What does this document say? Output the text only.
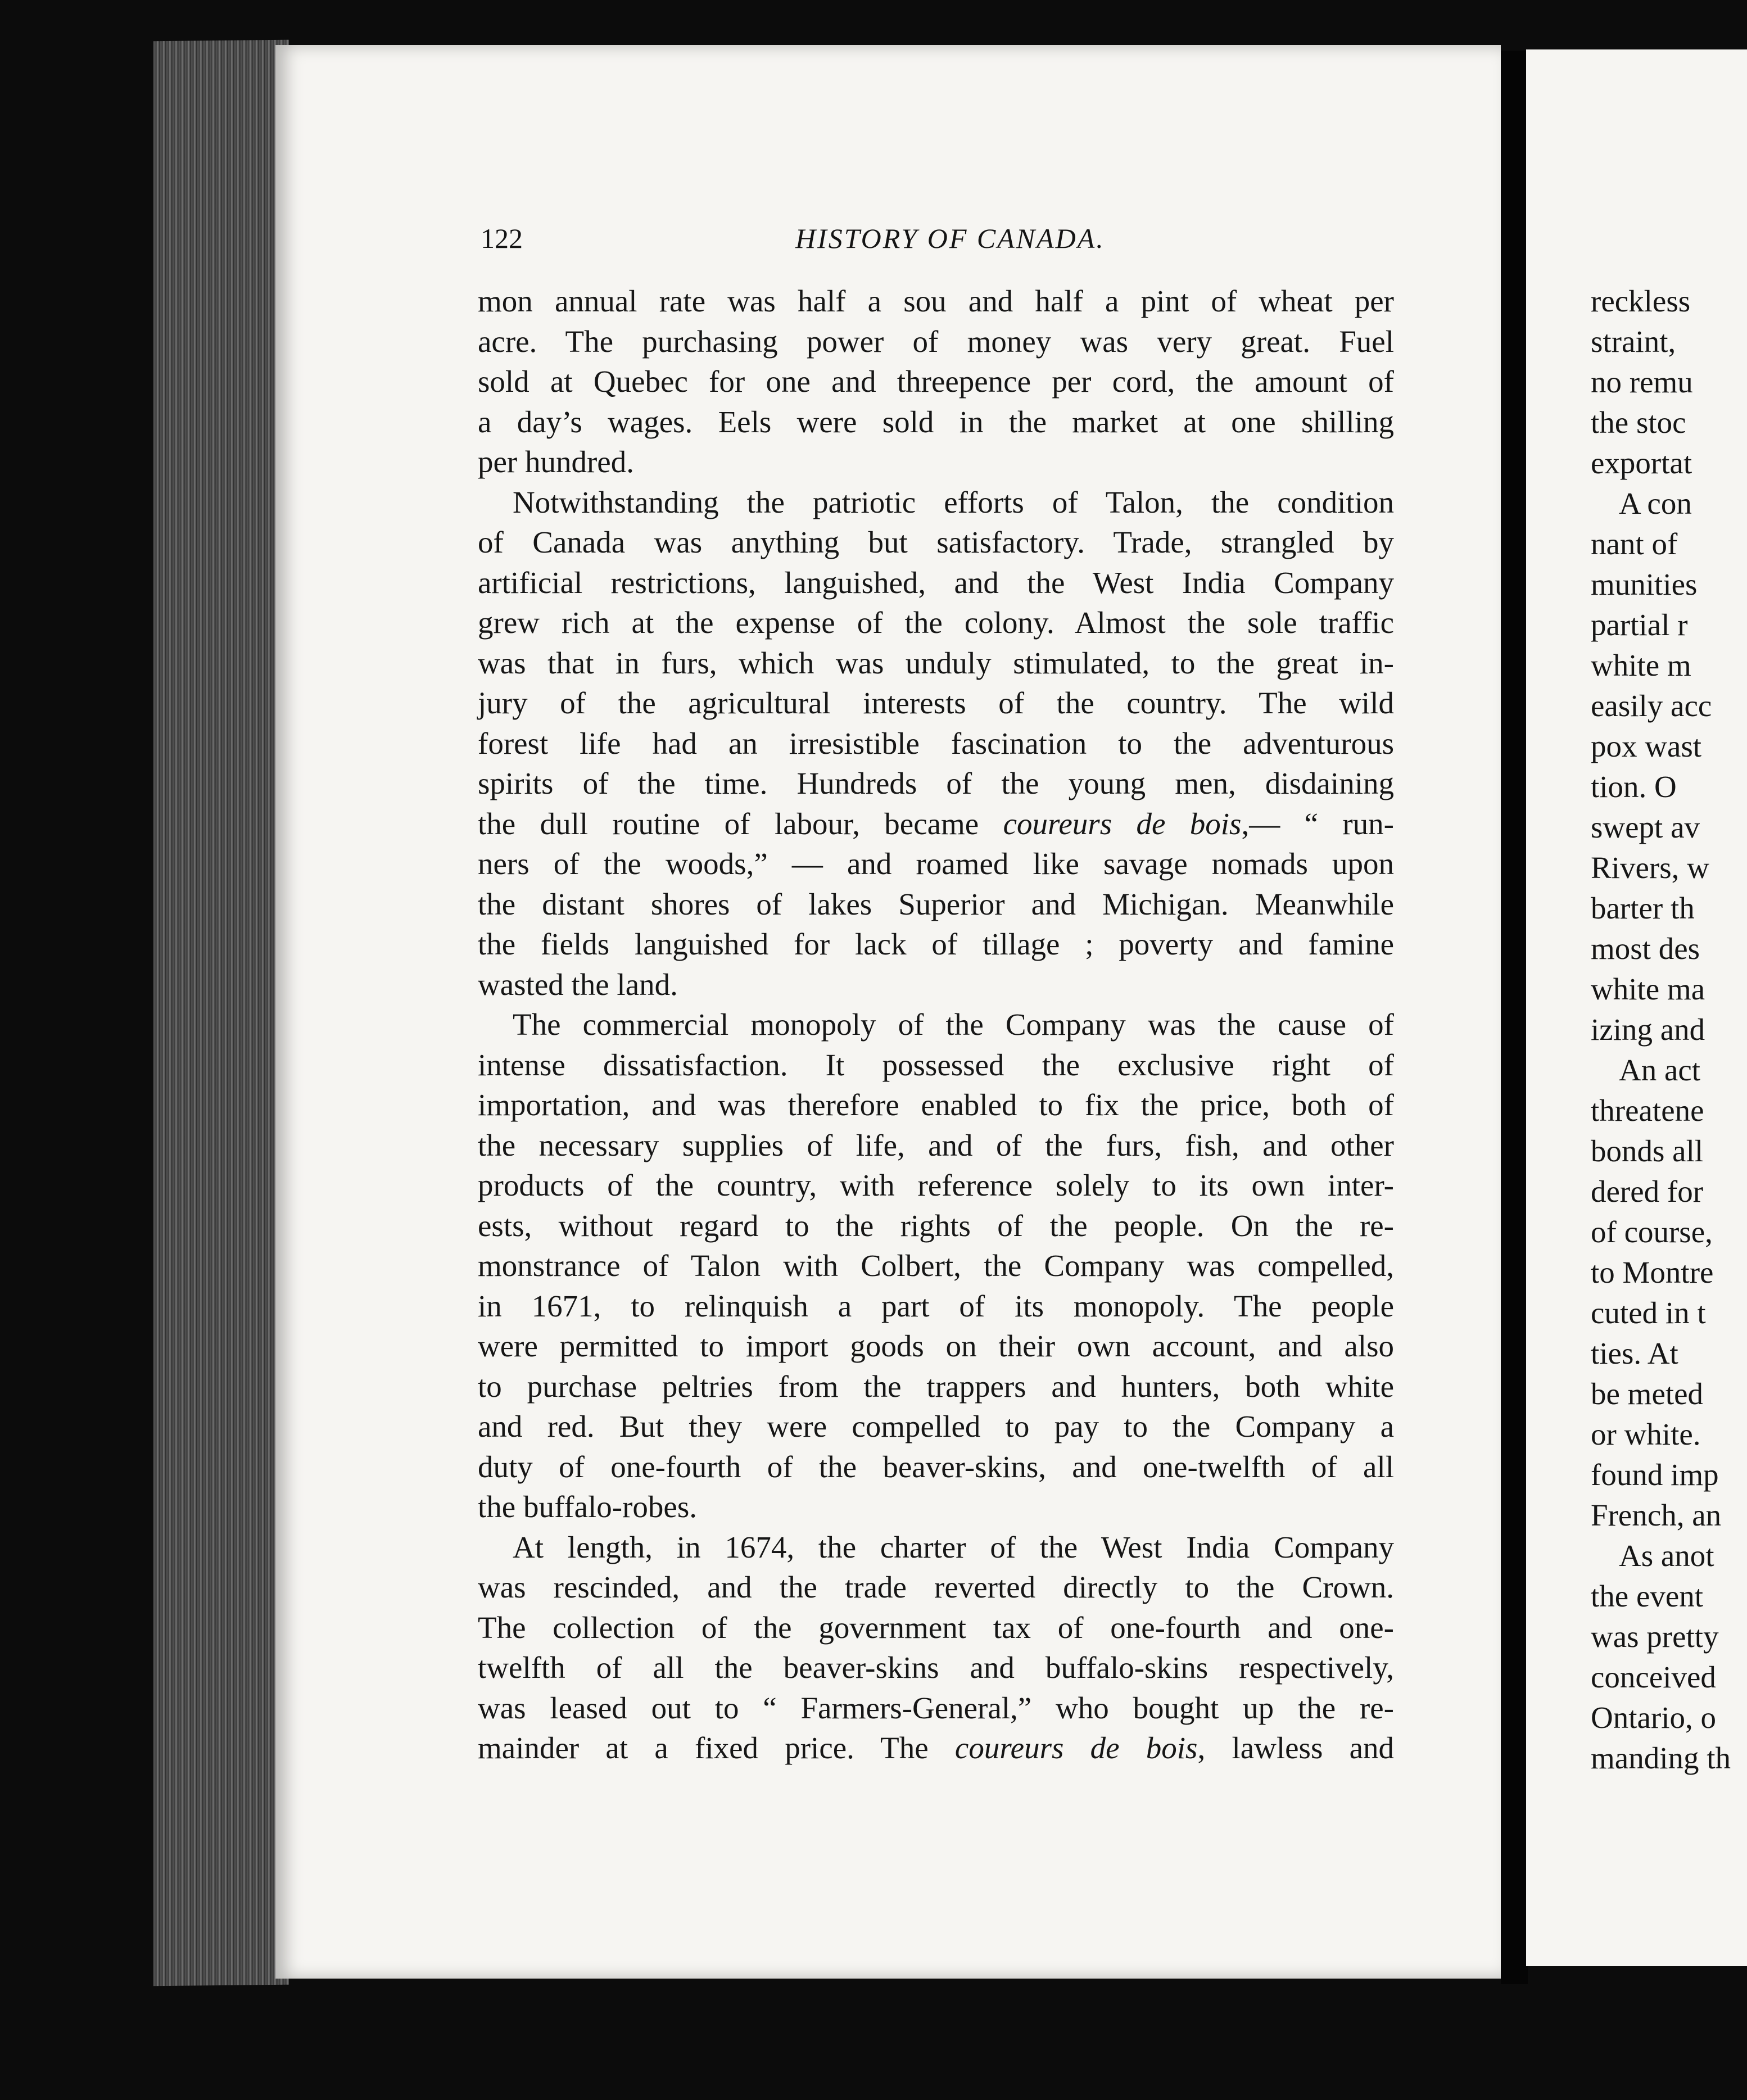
122	HISTORY OF CANADA.
mon annual rate was half a sou and half a pint of wheat per
acre. The purchasing power of money was very great. Fuel
sold at Quebec for one and threepence per cord, the amount of
a day’s wages. Eels were sold in the market at one shilling
per hundred.
Notwithstanding the patriotic efforts of Talon, the condition
of Canada was anything but satisfactory. Trade, strangled by
artificial restrictions, languished, and the West India Company
grew rich at the expense of the colony. Almost the sole traffic
was that in furs, which was unduly stimulated, to the great in-
jury of the agricultural interests of the country. The wild
forest life had an irresistible fascination to the adventurous
spirits of the time. Hundreds of the young men, disdaining
the dull routine of labour, became coureurs de bois,— “ run-
ners of the woods,” — and roamed like savage nomads upon
the distant shores of lakes Superior and Michigan. Meanwhile
the fields languished for lack of tillage ; poverty and famine
wasted the land.
The commercial monopoly of the Company was the cause of
intense dissatisfaction. It possessed the exclusive right of
importation, and was therefore enabled to fix the price, both of
the necessary supplies of life, and of the furs, fish, and other
products of the country, with reference solely to its own inter-
ests, without regard to the rights of the people. On the re-
monstrance of Talon with Colbert, the Company was compelled,
in 1671, to relinquish a part of its monopoly. The people
were permitted to import goods on their own account, and also
to purchase peltries from the trappers and hunters, both white
and red. But they were compelled to pay to the Company a
duty of one-fourth of the beaver-skins, and one-twelfth of all
the buffalo-robes.
At length, in 1674, the charter of the West India Company
was rescinded, and the trade reverted directly to the Crown.
The collection of the government tax of one-fourth and one-
twelfth of all the beaver-skins and buffalo-skins respectively,
was leased out to “ Farmers-General,” who bought up the re-
mainder at a fixed price. The coureurs de bois, lawless and
reckless
straint,
no remu
the stoc
exportat
A con
nant of
munities
partial r
white m
easily acc
pox wast
tion. O
swept av
Rivers, w
barter th
most des
white ma
izing and
An act
threatene
bonds all
dered for
of course,
to Montre
cuted in t
ties. At
be meted
or white.
found imp
French, an
As anot
the event
was pretty
conceived
Ontario, o
manding th
